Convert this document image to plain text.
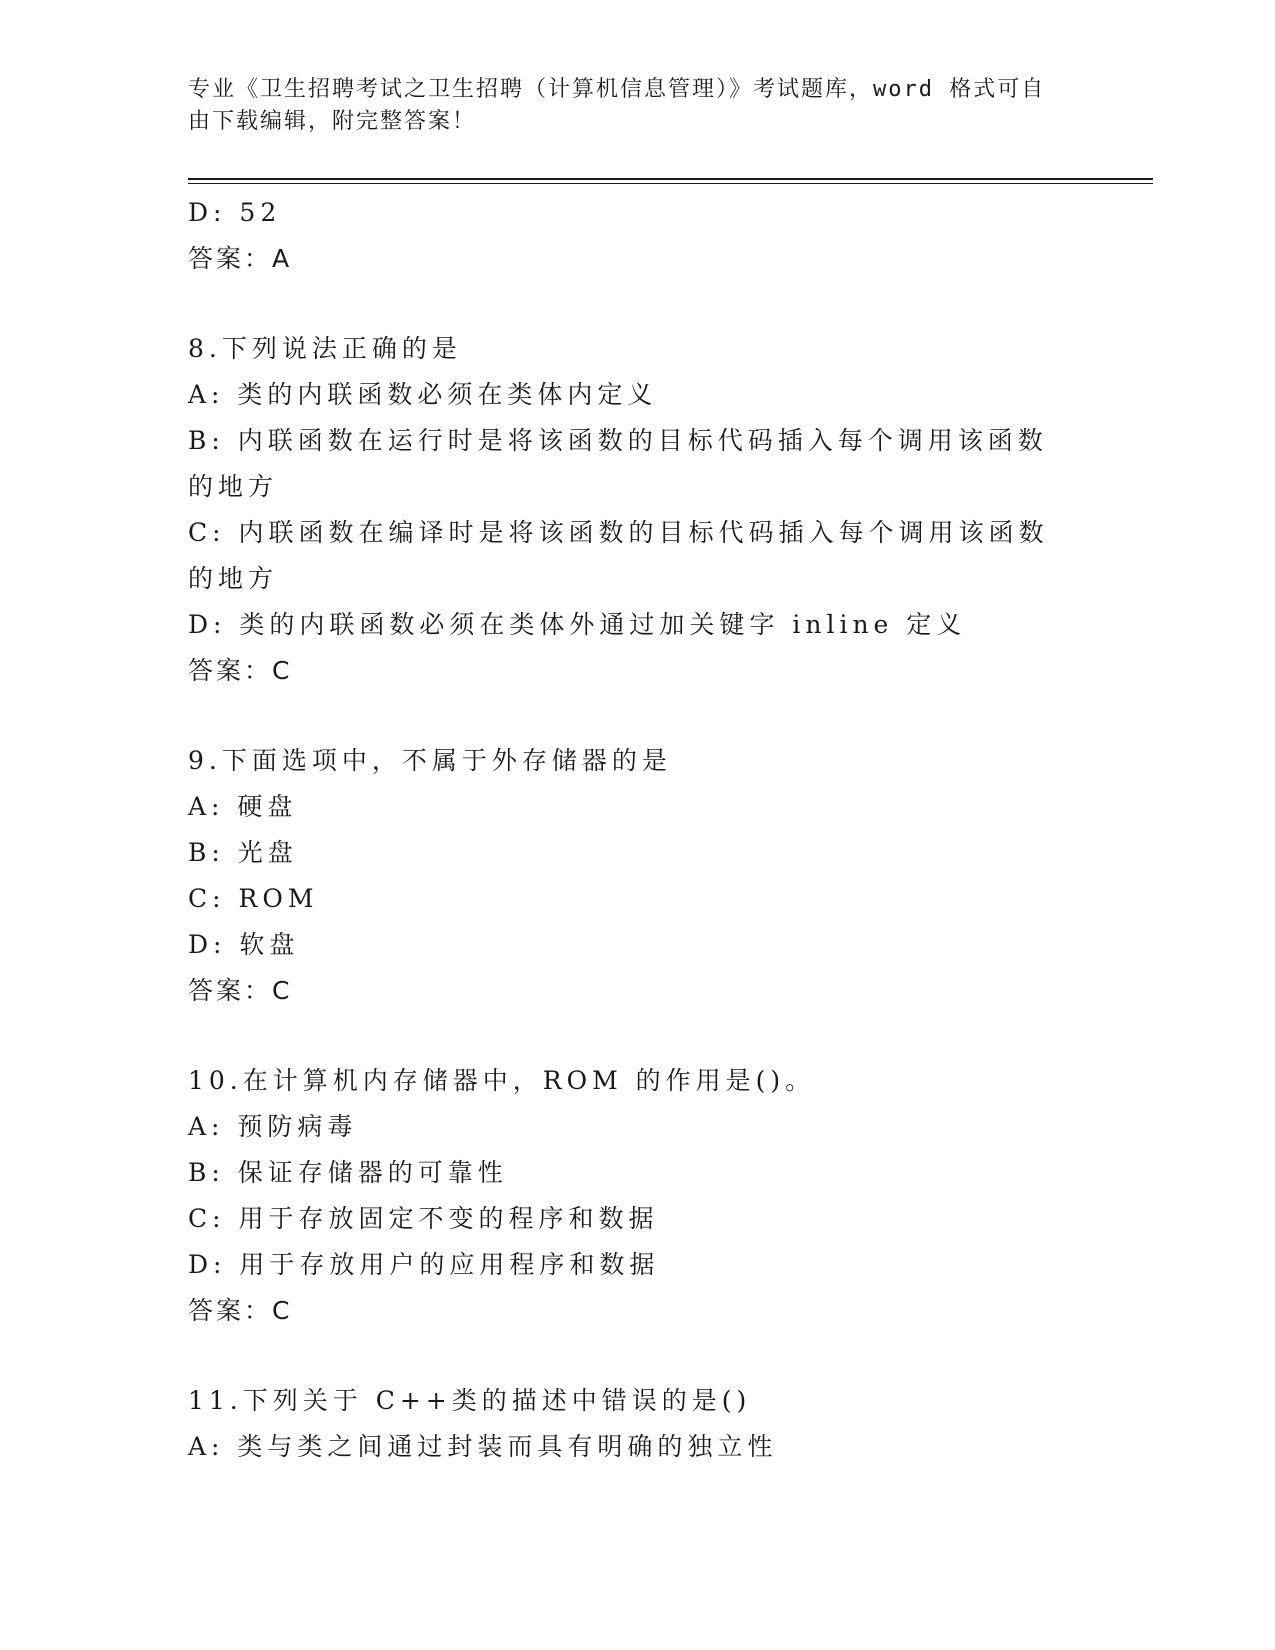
专业《卫生招聘考试之卫生招聘（计算机信息管理）》考试题库，word 格式可自
由下载编辑，附完整答案！
D: 52
答案：A
8.下列说法正确的是
A: 类的内联函数必须在类体内定义
B: 内联函数在运行时是将该函数的目标代码插入每个调用该函数的地方
C: 内联函数在编译时是将该函数的目标代码插入每个调用该函数的地方
D: 类的内联函数必须在类体外通过加关键字 inline 定义
答案：C
9.下面选项中，不属于外存储器的是
A: 硬盘
B: 光盘
C: ROM
D: 软盘
答案：C
10.在计算机内存储器中，ROM 的作用是()。
A: 预防病毒
B: 保证存储器的可靠性
C: 用于存放固定不变的程序和数据
D: 用于存放用户的应用程序和数据
答案：C
11.下列关于 C++类的描述中错误的是()
A: 类与类之间通过封装而具有明确的独立性
